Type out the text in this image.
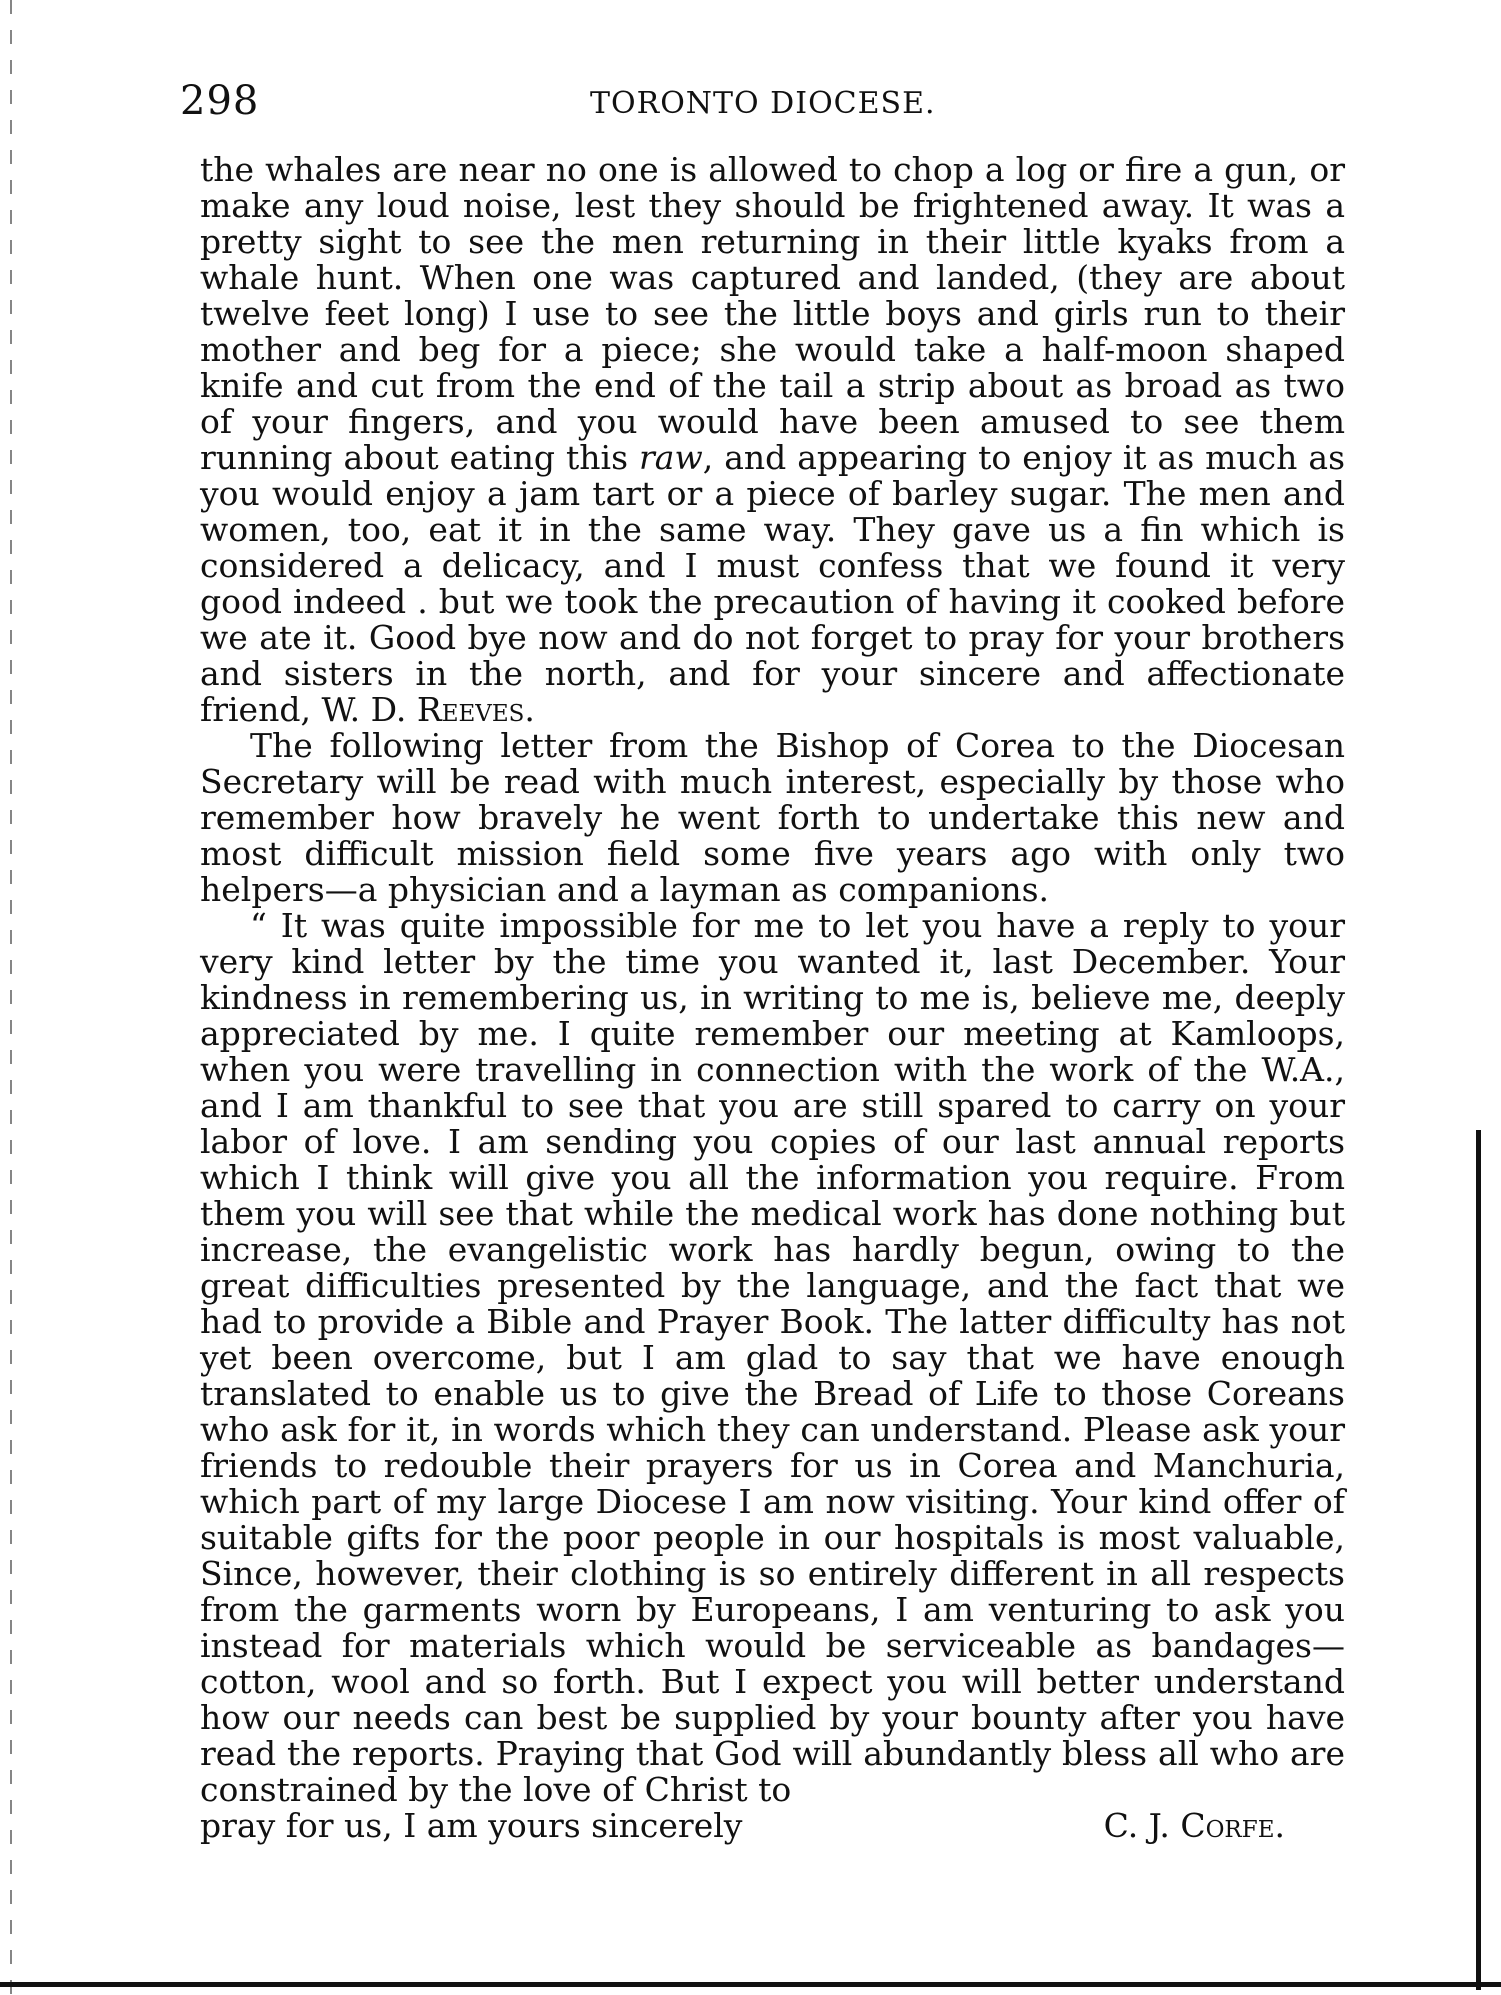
298	TORONTO DIOCESE.

the whales are near no one is allowed to chop a log or fire a gun, or make any loud noise, lest they should be frightened away. It was a pretty sight to see the men returning in their little kyaks from a whale hunt. When one was captured and landed, (they are about twelve feet long) I use to see the little boys and girls run to their mother and beg for a piece; she would take a half-moon shaped knife and cut from the end of the tail a strip about as broad as two of your fingers, and you would have been amused to see them running about eating this raw, and appearing to enjoy it as much as you would enjoy a jam tart or a piece of barley sugar. The men and women, too, eat it in the same way. They gave us a fin which is considered a delicacy, and I must confess that we found it very good indeed . but we took the precaution of having it cooked before we ate it. Good bye now and do not forget to pray for your brothers and sisters in the north, and for your sincere and affectionate friend, W. D. Reeves.

The following letter from the Bishop of Corea to the Diocesan Secretary will be read with much interest, especially by those who remember how bravely he went forth to undertake this new and most difficult mission field some five years ago with only two helpers—a physician and a layman as companions.

“ It was quite impossible for me to let you have a reply to your very kind letter by the time you wanted it, last December. Your kindness in remembering us, in writing to me is, believe me, deeply appreciated by me. I quite remember our meeting at Kamloops, when you were travelling in connection with the work of the W.A., and I am thankful to see that you are still spared to carry on your labor of love. I am sending you copies of our last annual reports which I think will give you all the information you require. From them you will see that while the medical work has done nothing but increase, the evangelistic work has hardly begun, owing to the great difficulties presented by the language, and the fact that we had to provide a Bible and Prayer Book. The latter difficulty has not yet been overcome, but I am glad to say that we have enough translated to enable us to give the Bread of Life to those Coreans who ask for it, in words which they can understand. Please ask your friends to redouble their prayers for us in Corea and Manchuria, which part of my large Diocese I am now visiting. Your kind offer of suitable gifts for the poor people in our hospitals is most valuable, Since, however, their clothing is so entirely different in all respects from the garments worn by Europeans, I am venturing to ask you instead for materials which would be serviceable as bandages—cotton, wool and so forth. But I expect you will better understand how our needs can best be supplied by your bounty after you have read the reports. Praying that God will abundantly bless all who are constrained by the love of Christ to

pray for us, I am yours sincerely	C. J. Corfe.
